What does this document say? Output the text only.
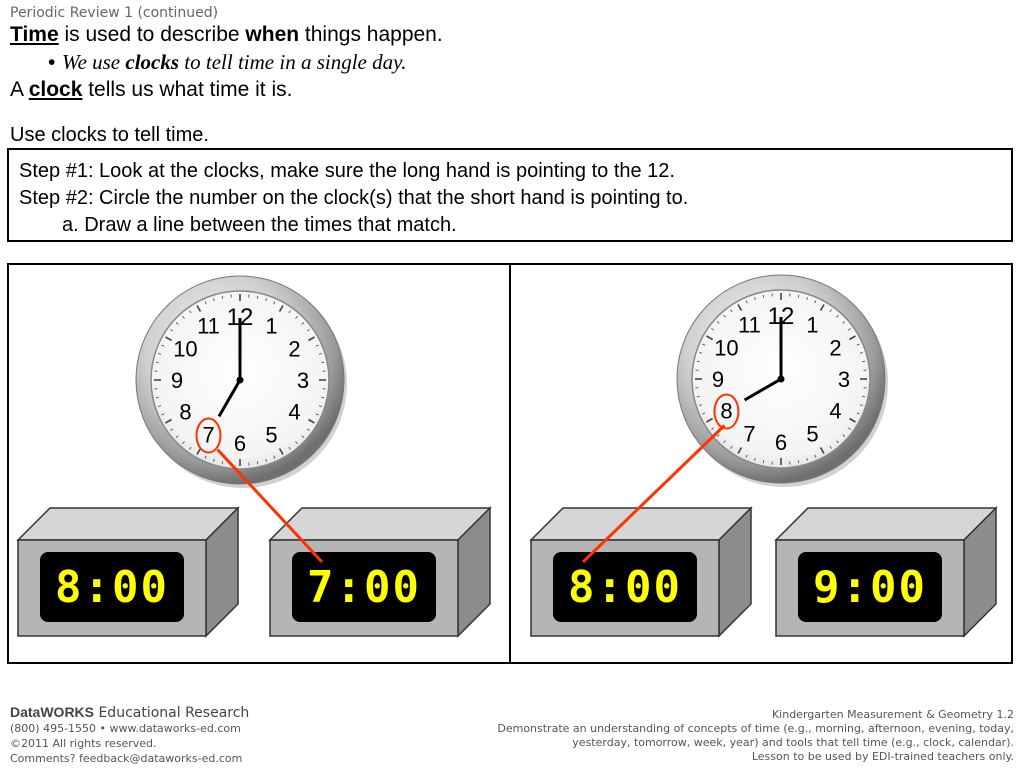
Periodic Review 1 (continued)
Time is used to describe when things happen.
• We use clocks to tell time in a single day.
A clock tells us what time it is.
Use clocks to tell time.
Step #1: Look at the clocks, make sure the long hand is pointing to the 12.
Step #2: Circle the number on the clock(s) that the short hand is pointing to.
a. Draw a line between the times that match.
12 1
2
3
4
5
6
7
8
9
10
11	12 1
2
3
4
5
6
7
8
9
10
11
8:00	7:00	8:00	9:00
DataWORKS Educational Research
(800) 495-1550 • www.dataworks-ed.com
©2011 All rights reserved.
Comments? feedback@dataworks-ed.com
Kindergarten Measurement & Geometry 1.2
Demonstrate an understanding of concepts of time (e.g., morning, afternoon, evening, today,
yesterday, tomorrow, week, year) and tools that tell time (e.g., clock, calendar).
Lesson to be used by EDI-trained teachers only.
